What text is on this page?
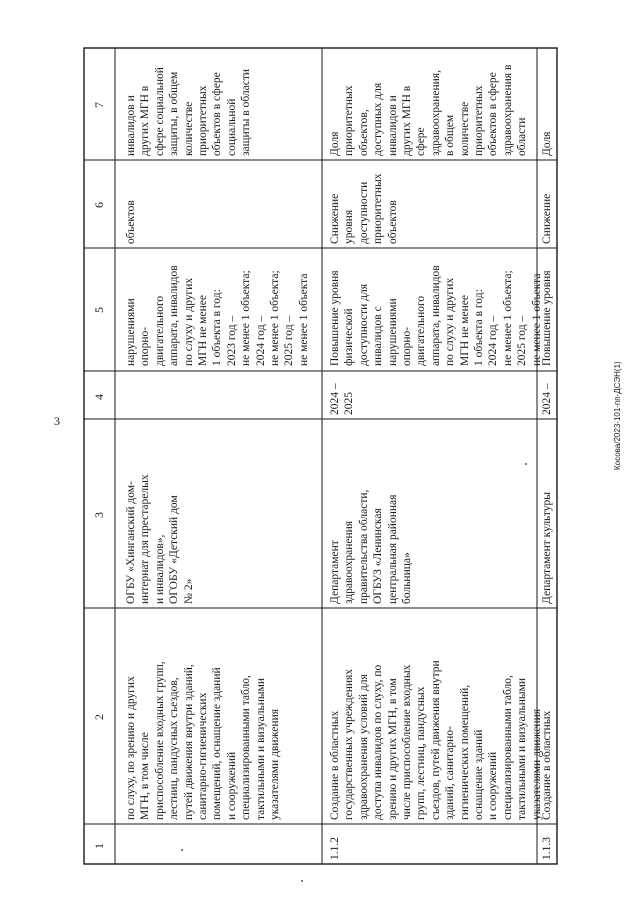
3	Косова/2023-101-пп-ДСЭН(1)
1
2
3
4
5
6
7
по слуху, по зрению и других МГН, в том числе приспособление входных групп, лестниц, пандусных съездов, путей движения внутри зданий, санитарно-гигиенических помещений, оснащение зданий и сооружений специализированными табло, тактильными и визуальными указателями движения
ОГБУ «Хинганский дом- интернат для престарелых и инвалидов», ОГОБУ «Детский дом № 2»
нарушениями опорно- двигательного аппарата, инвалидов по слуху и других МГН не менее 1 объекта в год: 2023 год – не менее 1 объекта; 2024 год – не менее 1 объекта; 2025 год – не менее 1 объекта
объектов
инвалидов и других МГН в сфере социальной защиты, в общем количестве приоритетных объектов в сфере социальной защиты в области
1.1.2
Создание в областных государственных учреждениях здравоохранения условий для доступа инвалидов по слуху, по зрению и других МГН, в том числе приспособление входных групп, лестниц, пандусных съездов, путей движения внутри зданий, санитарно- гигиенических помещений, оснащение зданий и сооружений специализированными табло, тактильными и визуальными указателями движения
Департамент здравоохранения правительства области, ОГБУЗ «Ленинская центральная районная больница»
2024 – 2025
Повышение уровня физической доступности для инвалидов с нарушениями опорно- двигательного аппарата, инвалидов по слуху и других МГН не менее 1 объекта в год: 2024 год – не менее 1 объекта; 2025 год – не менее 1 объекта
Снижение уровня доступности приоритетных объектов
Доля приоритетных объектов, доступных для инвалидов и других МГН в сфере здравоохранения, в общем количестве приоритетных объектов в сфере здравоохранения в области
1.1.3
Создание в областных
Департамент культуры
2024 –
Повышение уровня
Снижение
Доля
